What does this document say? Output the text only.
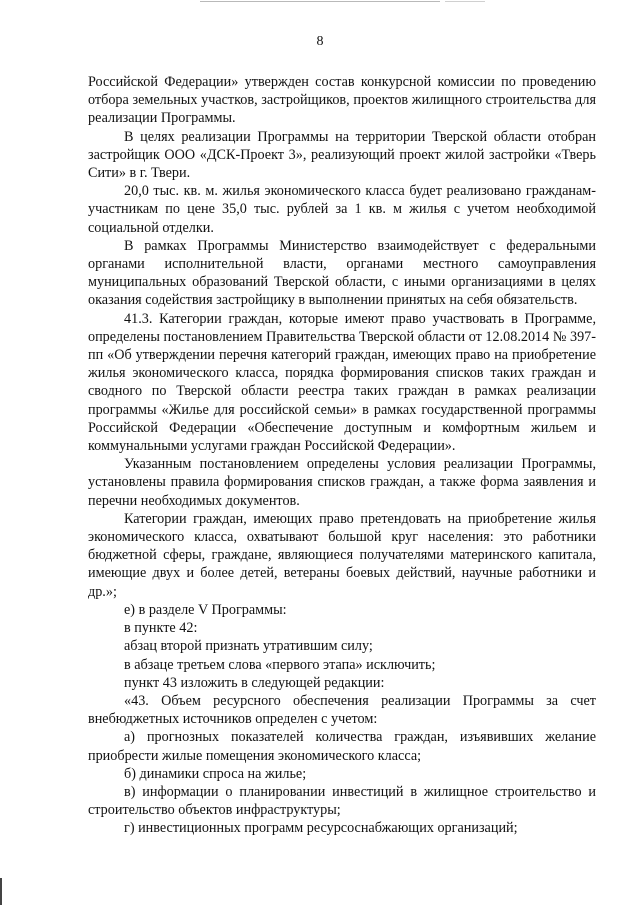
8

Российской Федерации» утвержден состав конкурсной комиссии по проведению отбора земельных участков, застройщиков, проектов жилищного строительства для реализации Программы.

В целях реализации Программы на территории Тверской области отобран застройщик ООО «ДСК-Проект 3», реализующий проект жилой застройки «Тверь Сити» в г. Твери.

20,0 тыс. кв. м. жилья экономического класса будет реализовано гражданам-участникам по цене 35,0 тыс. рублей за 1 кв. м жилья с учетом необходимой социальной отделки.

В рамках Программы Министерство взаимодействует с федеральными органами исполнительной власти, органами местного самоуправления муниципальных образований Тверской области, с иными организациями в целях оказания содействия застройщику в выполнении принятых на себя обязательств.

41.3. Категории граждан, которые имеют право участвовать в Программе, определены постановлением Правительства Тверской области от 12.08.2014 № 397-пп «Об утверждении перечня категорий граждан, имеющих право на приобретение жилья экономического класса, порядка формирования списков таких граждан и сводного по Тверской области реестра таких граждан в рамках реализации программы «Жилье для российской семьи» в рамках государственной программы Российской Федерации «Обеспечение доступным и комфортным жильем и коммунальными услугами граждан Российской Федерации».

Указанным постановлением определены условия реализации Программы, установлены правила формирования списков граждан, а также форма заявления и перечни необходимых документов.

Категории граждан, имеющих право претендовать на приобретение жилья экономического класса, охватывают большой круг населения: это работники бюджетной сферы, граждане, являющиеся получателями материнского капитала, имеющие двух и более детей, ветераны боевых действий, научные работники и др.»;

е) в разделе V Программы:

в пункте 42:

абзац второй признать утратившим силу;

в абзаце третьем слова «первого этапа» исключить;

пункт 43 изложить в следующей редакции:

«43. Объем ресурсного обеспечения реализации Программы за счет внебюджетных источников определен с учетом:

а) прогнозных показателей количества граждан, изъявивших желание приобрести жилые помещения экономического класса;

б) динамики спроса на жилье;

в) информации о планировании инвестиций в жилищное строительство и строительство объектов инфраструктуры;

г) инвестиционных программ ресурсоснабжающих организаций;
